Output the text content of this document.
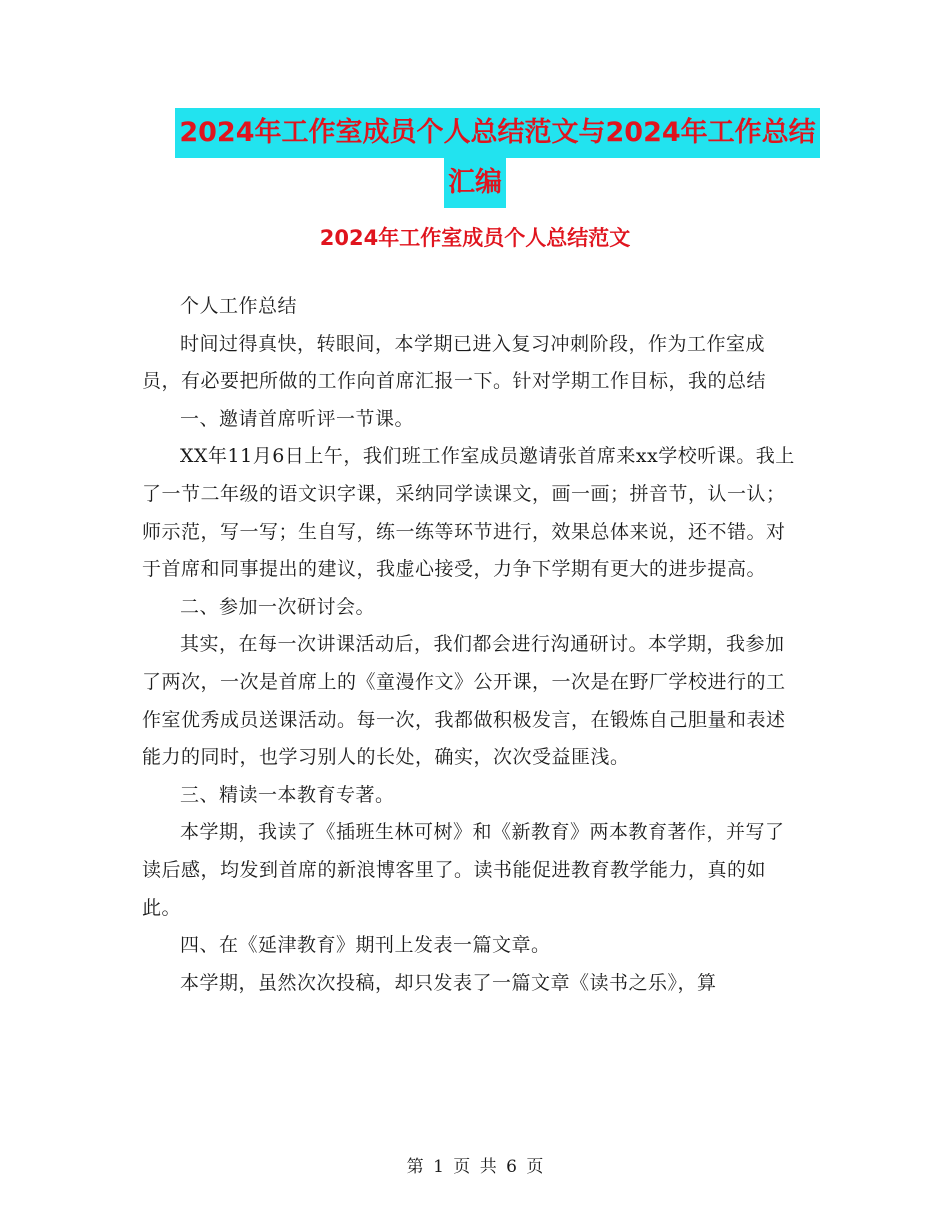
2024年工作室成员个人总结范文与2024年工作总结
汇编
2024年工作室成员个人总结范文

个人工作总结

时间过得真快，转眼间，本学期已进入复习冲刺阶段，作为工作室成员，有必要把所做的工作向首席汇报一下。针对学期工作目标，我的总结

一、邀请首席听评一节课。

XX年11月6日上午，我们班工作室成员邀请张首席来xx学校听课。我上了一节二年级的语文识字课，采纳同学读课文，画一画；拼音节，认一认；师示范，写一写；生自写，练一练等环节进行，效果总体来说，还不错。对于首席和同事提出的建议，我虚心接受，力争下学期有更大的进步提高。

二、参加一次研讨会。

其实，在每一次讲课活动后，我们都会进行沟通研讨。本学期，我参加了两次，一次是首席上的《童漫作文》公开课，一次是在野厂学校进行的工作室优秀成员送课活动。每一次，我都做积极发言，在锻炼自己胆量和表述能力的同时，也学习别人的长处，确实，次次受益匪浅。

三、精读一本教育专著。

本学期，我读了《插班生林可树》和《新教育》两本教育著作，并写了读后感，均发到首席的新浪博客里了。读书能促进教育教学能力，真的如此。

四、在《延津教育》期刊上发表一篇文章。

本学期，虽然次次投稿，却只发表了一篇文章《读书之乐》，算

第 1 页 共 6 页
